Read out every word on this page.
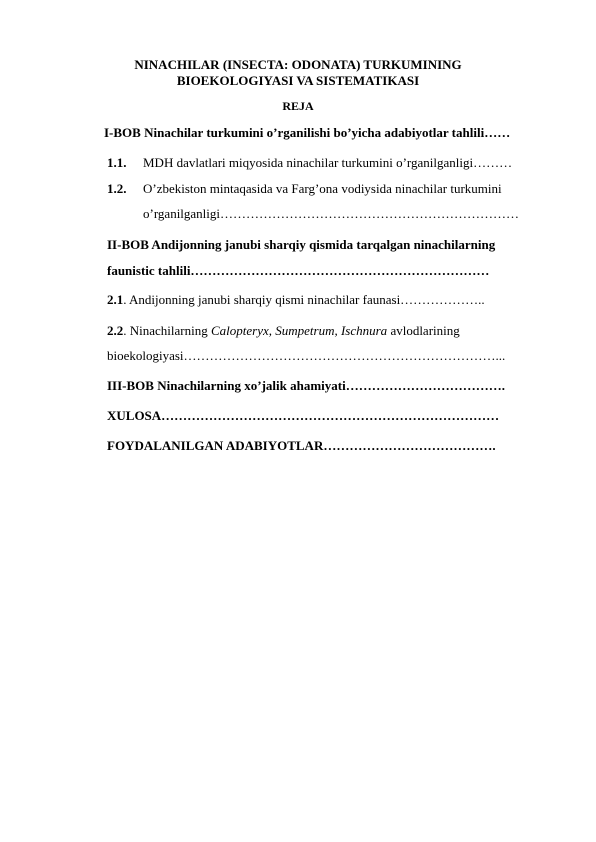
NINACHILAR (INSECTA: ODONATA) TURKUMINING
BIOEKOLOGIYASI VA SISTEMATIKASI
REJA
I-BOB Ninachilar turkumini o’rganilishi bo’yicha adabiyotlar tahlili……
1.1. MDH davlatlari miqyosida ninachilar turkumini o’rganilganligi………
1.2. O’zbekiston mintaqasida va Farg’ona vodiysida ninachilar turkumini
o’rganilganligi……………………………………………………………
II-BOB Andijonning janubi sharqiy qismida tarqalgan ninachilarning
faunistic tahlili……………………………………………………………
2.1. Andijonning janubi sharqiy qismi ninachilar faunasi………………..
2.2. Ninachilarning Calopteryx, Sumpetrum, Ischnura avlodlarining
bioekologiyasi………………………………………………………………...
III-BOB Ninachilarning xo’jalik ahamiyati……………………………….
XULOSA……………………………………………………………………
FOYDALANILGAN ADABIYOTLAR………………………………….
